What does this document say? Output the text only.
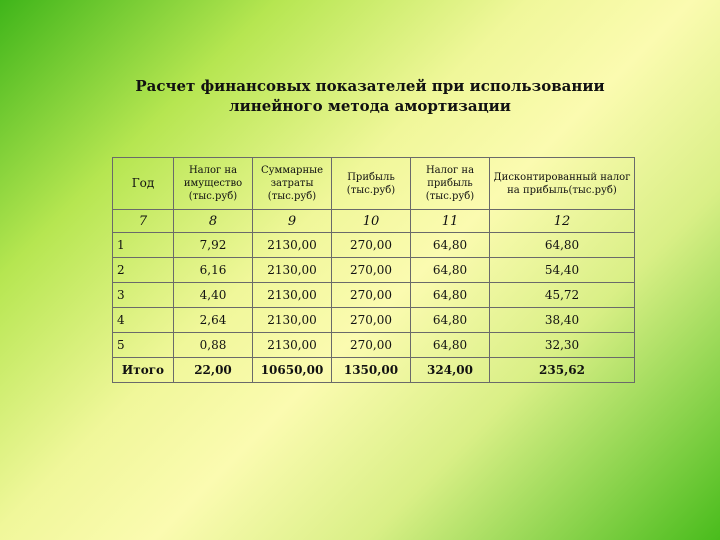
Расчет финансовых показателей при использовании
линейного метода амортизации
Год	Налог на имущество (тыс.руб)	Суммарные затраты (тыс.руб)	Прибыль (тыс.руб)	Налог на прибыль (тыс.руб)	Дисконтированный налог на прибыль(тыс.руб)
7	8	9	10	11	12
1	7,92	2130,00	270,00	64,80	64,80
2	6,16	2130,00	270,00	64,80	54,40
3	4,40	2130,00	270,00	64,80	45,72
4	2,64	2130,00	270,00	64,80	38,40
5	0,88	2130,00	270,00	64,80	32,30
Итого	22,00	10650,00	1350,00	324,00	235,62
